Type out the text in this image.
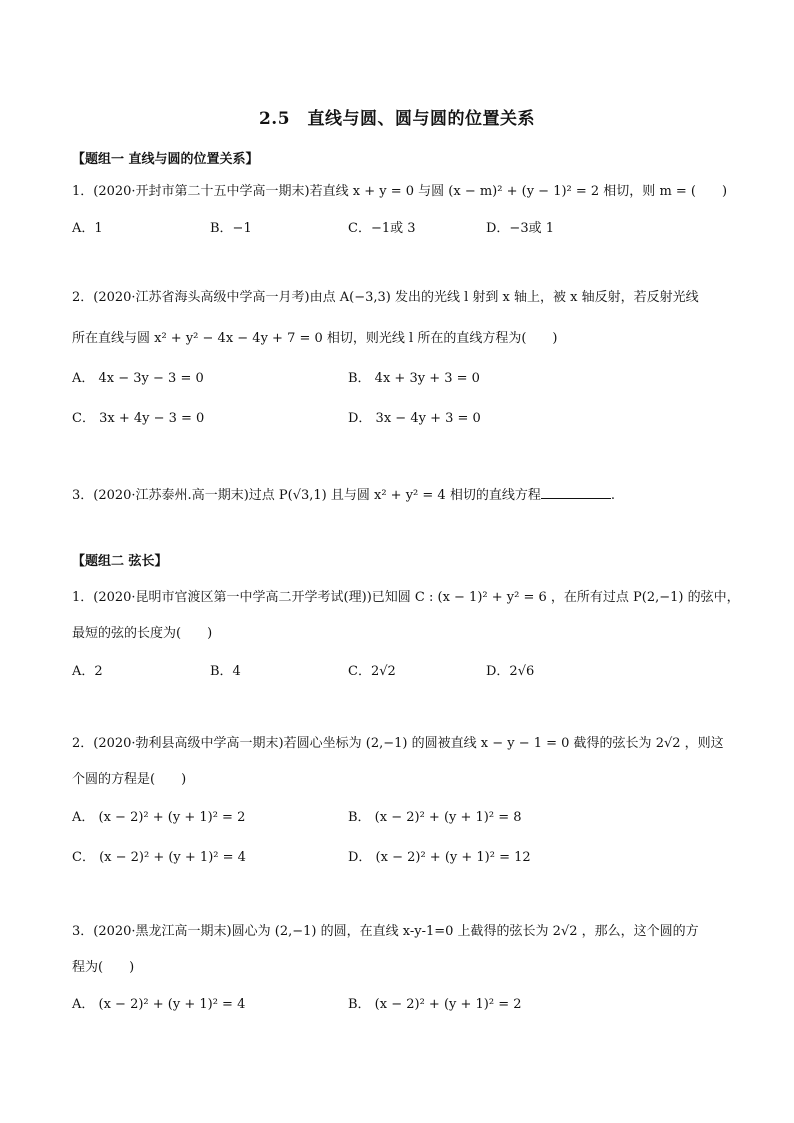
2.5　直线与圆、圆与圆的位置关系
【题组一 直线与圆的位置关系】
1．(2020·开封市第二十五中学高一期末)若直线 x + y = 0 与圆 (x − m)² + (y − 1)² = 2 相切，则 m = (　　)
A．1	B．−1	C．−1或 3	D．−3或 1
2．(2020·江苏省海头高级中学高一月考)由点 A(−3,3) 发出的光线 l 射到 x 轴上，被 x 轴反射，若反射光线
所在直线与圆 x² + y² − 4x − 4y + 7 = 0 相切，则光线 l 所在的直线方程为(　　)
A． 4x − 3y − 3 = 0	B． 4x + 3y + 3 = 0
C． 3x + 4y − 3 = 0	D． 3x − 4y + 3 = 0
3．(2020·江苏泰州.高一期末)过点 P(√3,1) 且与圆 x² + y² = 4 相切的直线方程	.
【题组二 弦长】
1．(2020·昆明市官渡区第一中学高二开学考试(理))已知圆 C : (x − 1)² + y² = 6 ，在所有过点 P(2,−1) 的弦中，
最短的弦的长度为(　　)
A．2	B．4	C．2√2	D．2√6
2．(2020·勃利县高级中学高一期末)若圆心坐标为 (2,−1) 的圆被直线 x − y − 1 = 0 截得的弦长为 2√2 ，则这
个圆的方程是(　　)
A． (x − 2)² + (y + 1)² = 2	B． (x − 2)² + (y + 1)² = 8
C． (x − 2)² + (y + 1)² = 4	D． (x − 2)² + (y + 1)² = 12
3．(2020·黑龙江高一期末)圆心为 (2,−1) 的圆，在直线 x-y-1=0 上截得的弦长为 2√2 ，那么，这个圆的方
程为(　　)
A． (x − 2)² + (y + 1)² = 4	B． (x − 2)² + (y + 1)² = 2
